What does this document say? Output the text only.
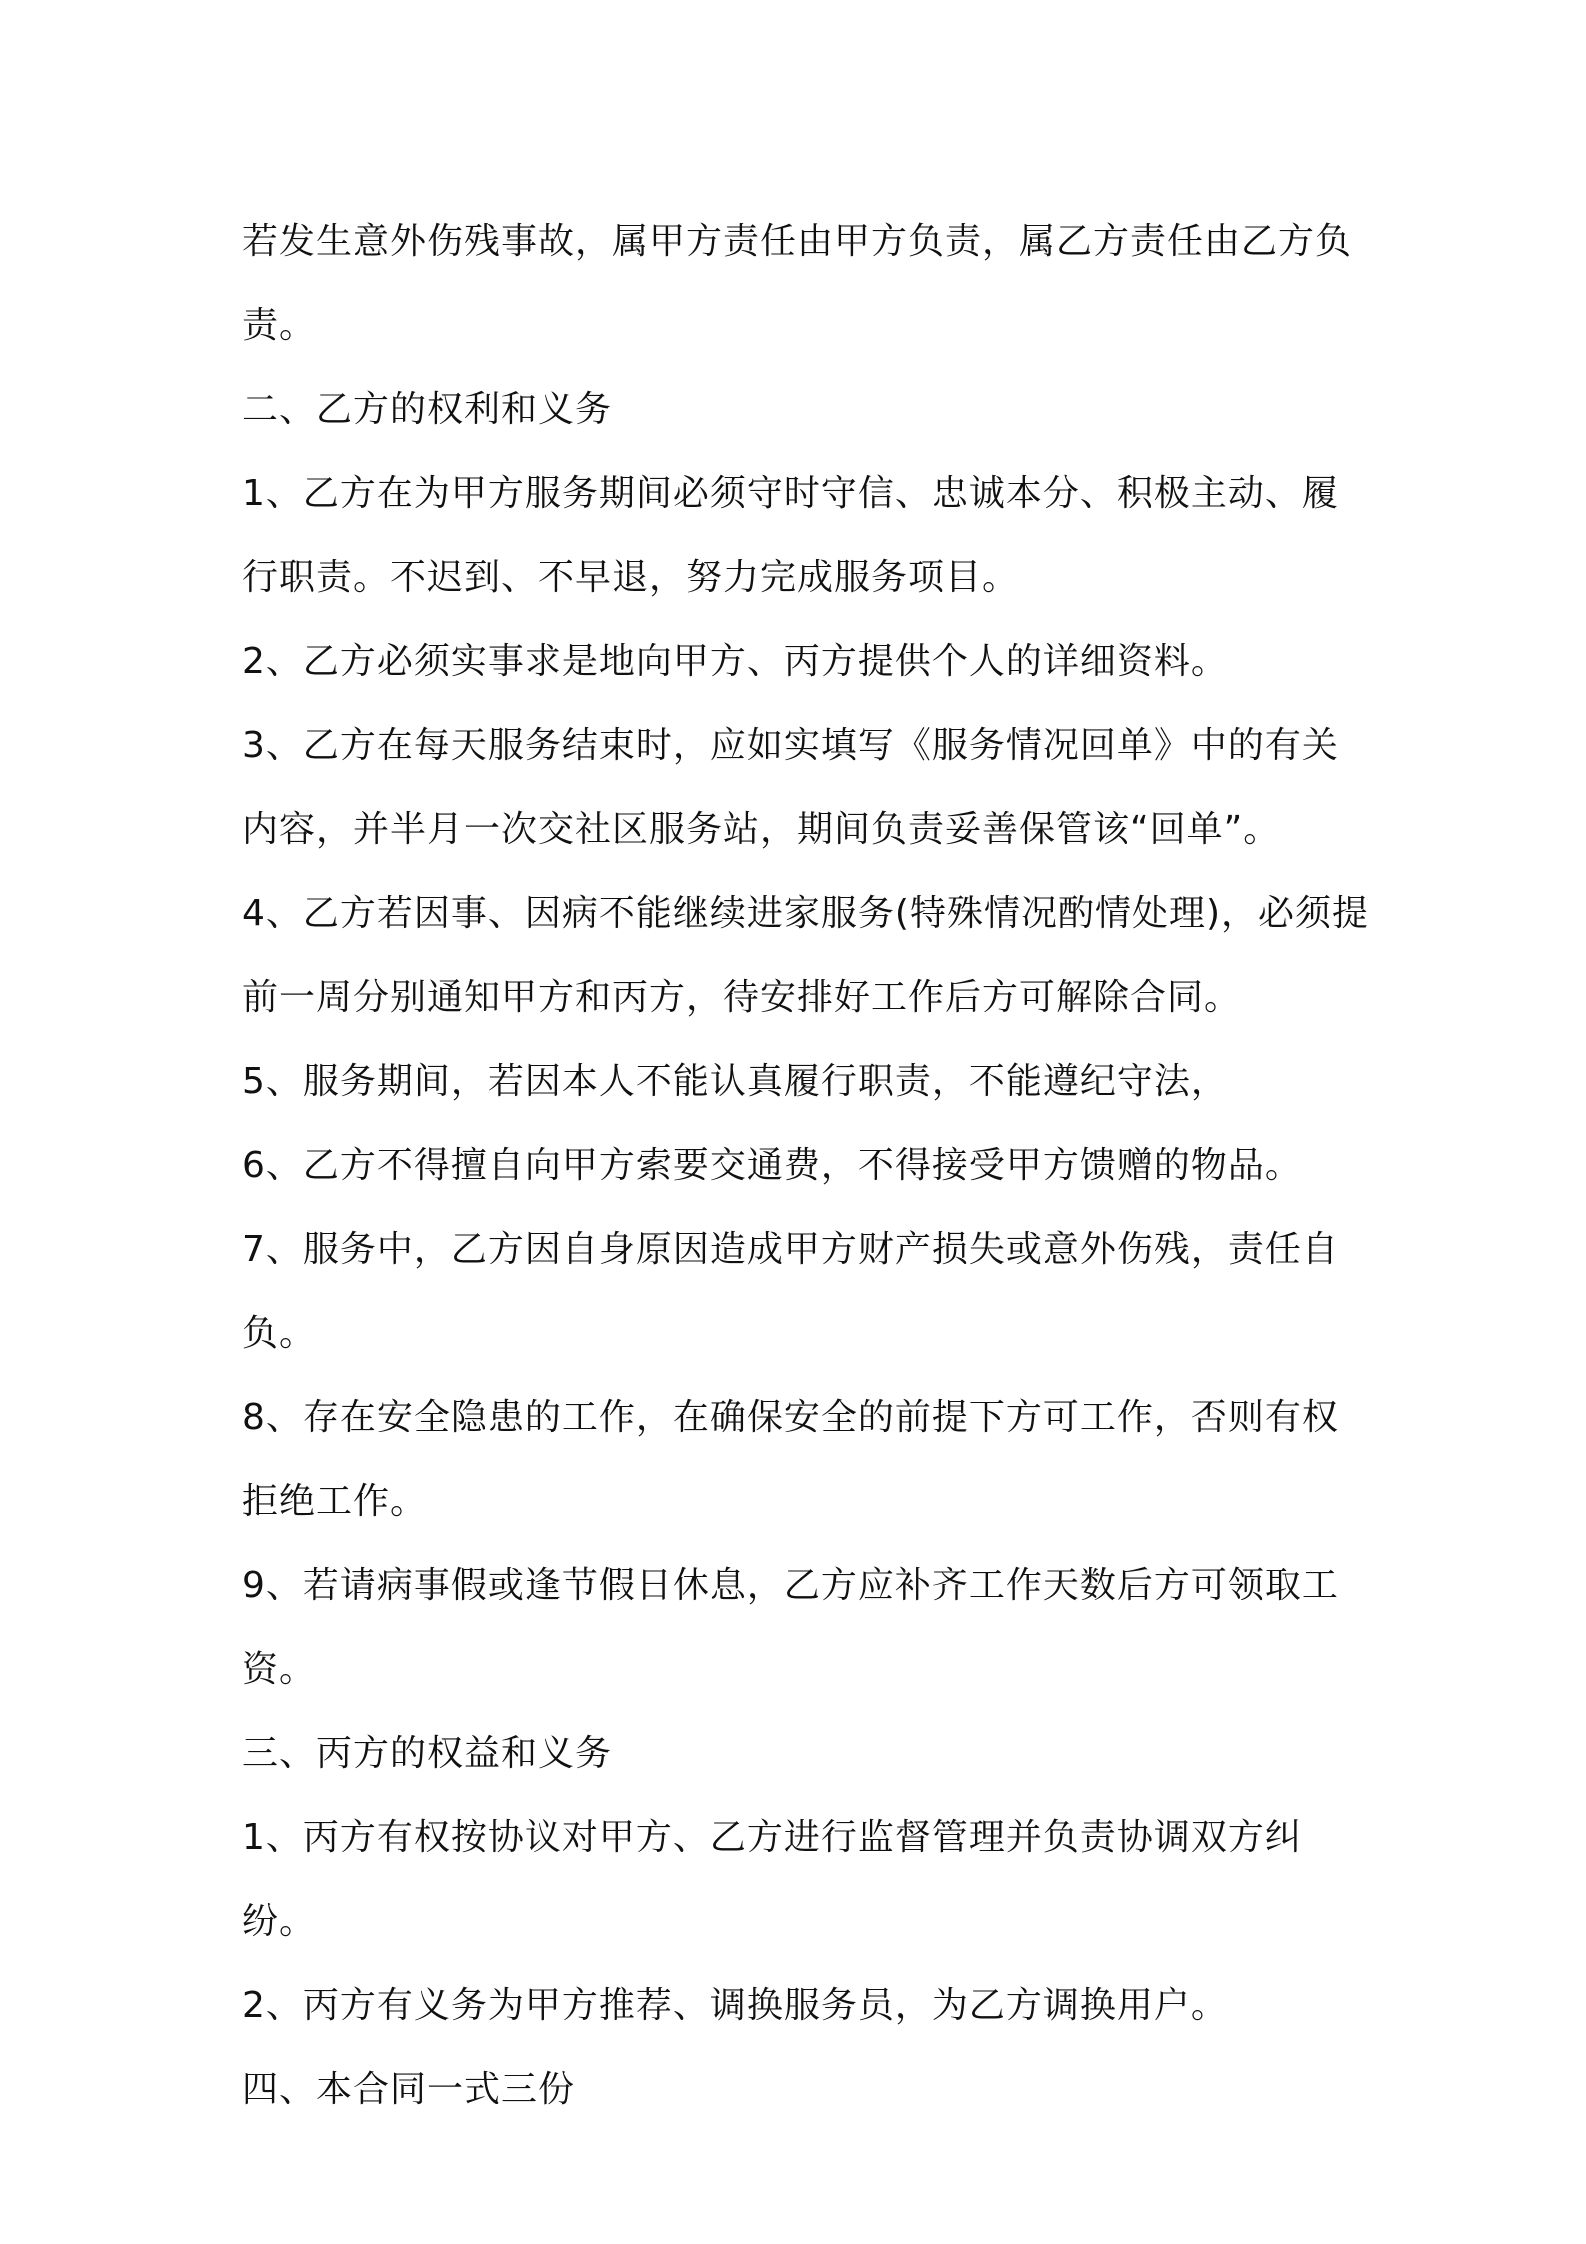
若发生意外伤残事故，属甲方责任由甲方负责，属乙方责任由乙方负责。

二、乙方的权利和义务

1、乙方在为甲方服务期间必须守时守信、忠诚本分、积极主动、履行职责。不迟到、不早退，努力完成服务项目。

2、乙方必须实事求是地向甲方、丙方提供个人的详细资料。

3、乙方在每天服务结束时，应如实填写《服务情况回单》中的有关内容，并半月一次交社区服务站，期间负责妥善保管该“回单”。

4、乙方若因事、因病不能继续进家服务(特殊情况酌情处理)，必须提前一周分别通知甲方和丙方，待安排好工作后方可解除合同。

5、服务期间，若因本人不能认真履行职责，不能遵纪守法，

6、乙方不得擅自向甲方索要交通费，不得接受甲方馈赠的物品。

7、服务中，乙方因自身原因造成甲方财产损失或意外伤残，责任自负。

8、存在安全隐患的工作，在确保安全的前提下方可工作，否则有权拒绝工作。

9、若请病事假或逢节假日休息，乙方应补齐工作天数后方可领取工资。

三、丙方的权益和义务

1、丙方有权按协议对甲方、乙方进行监督管理并负责协调双方纠纷。

2、丙方有义务为甲方推荐、调换服务员，为乙方调换用户。

四、本合同一式三份
